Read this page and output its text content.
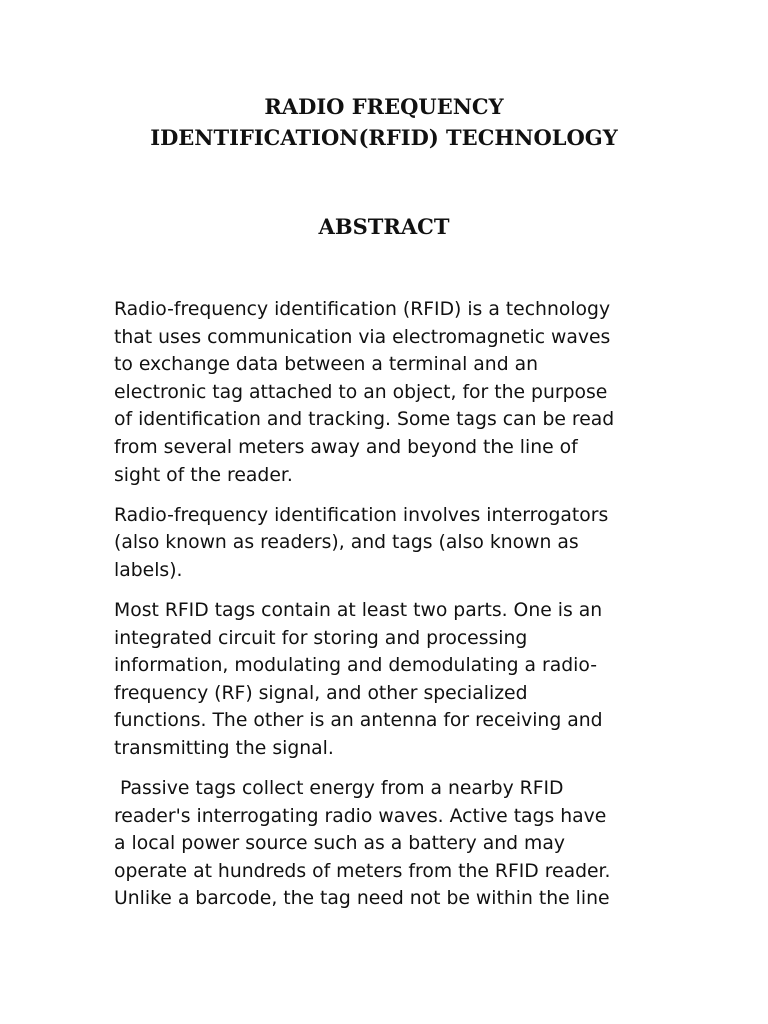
RADIO FREQUENCY
IDENTIFICATION(RFID) TECHNOLOGY
ABSTRACT

Radio-frequency identification (RFID) is a technology
that uses communication via electromagnetic waves
to exchange data between a terminal and an
electronic tag attached to an object, for the purpose
of identification and tracking. Some tags can be read
from several meters away and beyond the line of
sight of the reader.

Radio-frequency identification involves interrogators
(also known as readers), and tags (also known as
labels).

Most RFID tags contain at least two parts. One is an
integrated circuit for storing and processing
information, modulating and demodulating a radio-
frequency (RF) signal, and other specialized
functions. The other is an antenna for receiving and
transmitting the signal.

Passive tags collect energy from a nearby RFID
reader's interrogating radio waves. Active tags have
a local power source such as a battery and may
operate at hundreds of meters from the RFID reader.
Unlike a barcode, the tag need not be within the line
